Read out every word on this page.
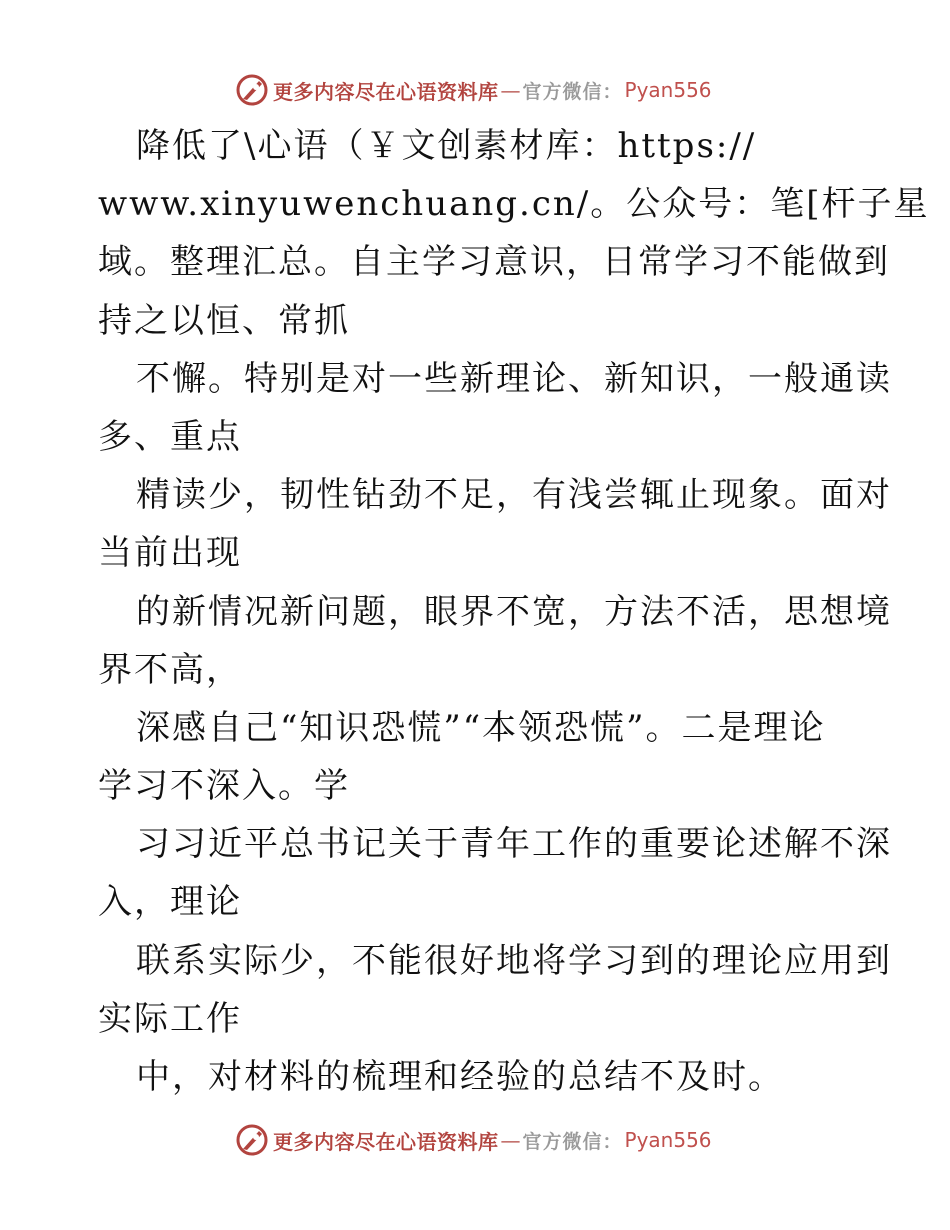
更多内容尽在心语资料库 — 官方微信： Pyan556
降低了\心语（￥文创素材库：https://
www.xinyuwenchuang.cn/。公众号：笔[杆子星
域。整理汇总。自主学习意识，日常学习不能做到
持之以恒、常抓
不懈。特别是对一些新理论、新知识，一般通读
多、重点
精读少，韧性钻劲不足，有浅尝辄止现象。面对
当前出现
的新情况新问题，眼界不宽，方法不活，思想境
界不高，
深感自己“知识恐慌”“本领恐慌”。二是理论
学习不深入。学
习习近平总书记关于青年工作的重要论述解不深
入，理论
联系实际少，不能很好地将学习到的理论应用到
实际工作
中，对材料的梳理和经验的总结不及时。
更多内容尽在心语资料库 — 官方微信： Pyan556
